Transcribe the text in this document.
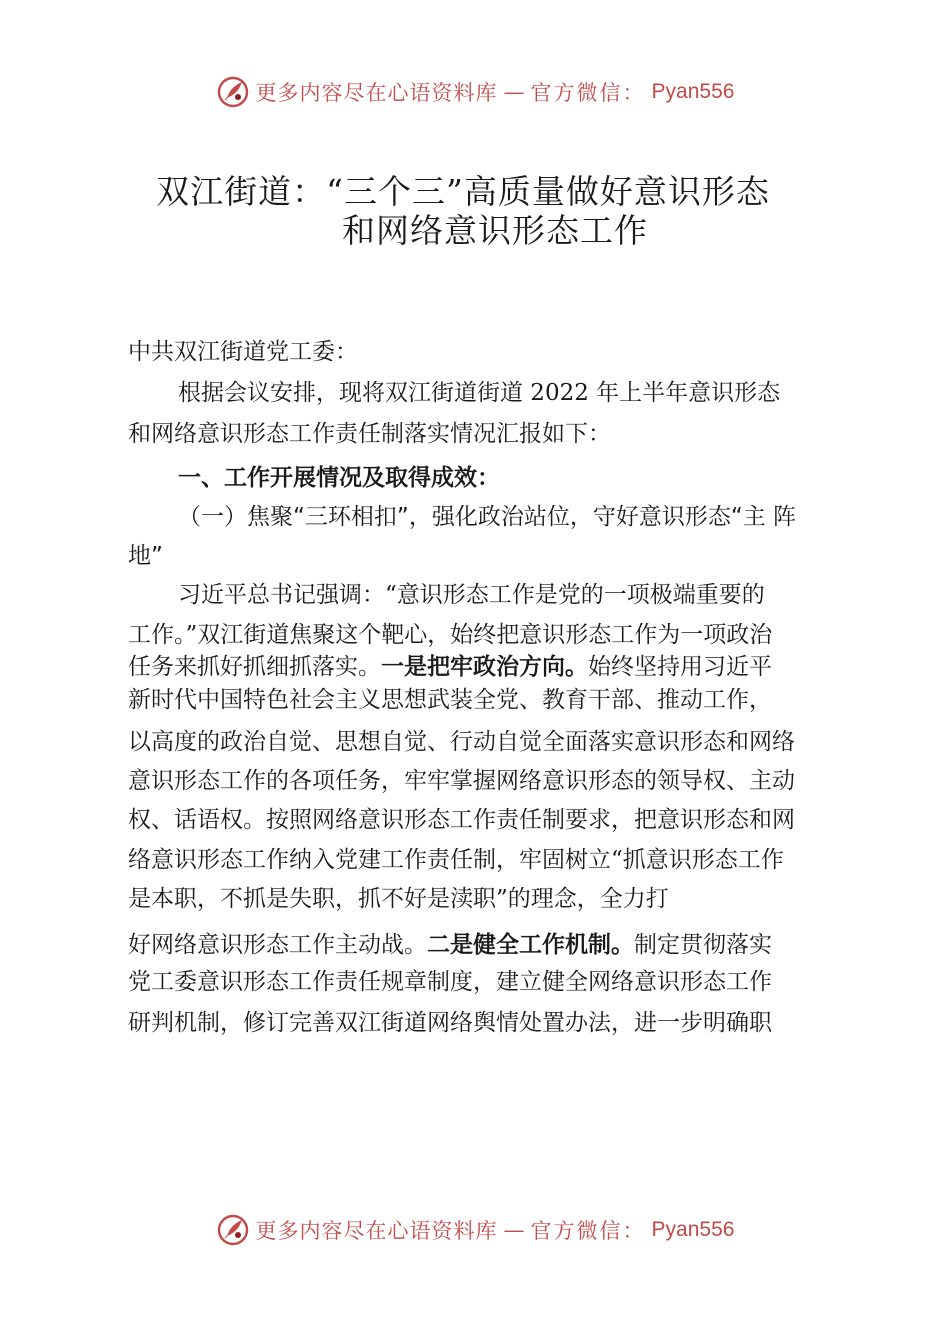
更多内容尽在心语资料库 — 官方微信： Pyan556
双江街道：“三个三”高质量做好意识形态
和网络意识形态工作
中共双江街道党工委：
根据会议安排，现将双江街道街道 2022 年上半年意识形态
和网络意识形态工作责任制落实情况汇报如下：
一、工作开展情况及取得成效：
（一）焦聚“三环相扣”，强化政治站位，守好意识形态“主 阵
地”
习近平总书记强调：“意识形态工作是党的一项极端重要的
工作。”双江街道焦聚这个靶心，始终把意识形态工作为一项政治
任务来抓好抓细抓落实。一是把牢政治方向。始终坚持用习近平
新时代中国特色社会主义思想武装全党、教育干部、推动工作，
以高度的政治自觉、思想自觉、行动自觉全面落实意识形态和网络
意识形态工作的各项任务，牢牢掌握网络意识形态的领导权、主动
权、话语权。按照网络意识形态工作责任制要求，把意识形态和网
络意识形态工作纳入党建工作责任制，牢固树立“抓意识形态工作
是本职，不抓是失职，抓不好是渎职”的理念，全力打
好网络意识形态工作主动战。二是健全工作机制。制定贯彻落实
党工委意识形态工作责任规章制度，建立健全网络意识形态工作
研判机制，修订完善双江街道网络舆情处置办法，进一步明确职
更多内容尽在心语资料库 — 官方微信： Pyan556
